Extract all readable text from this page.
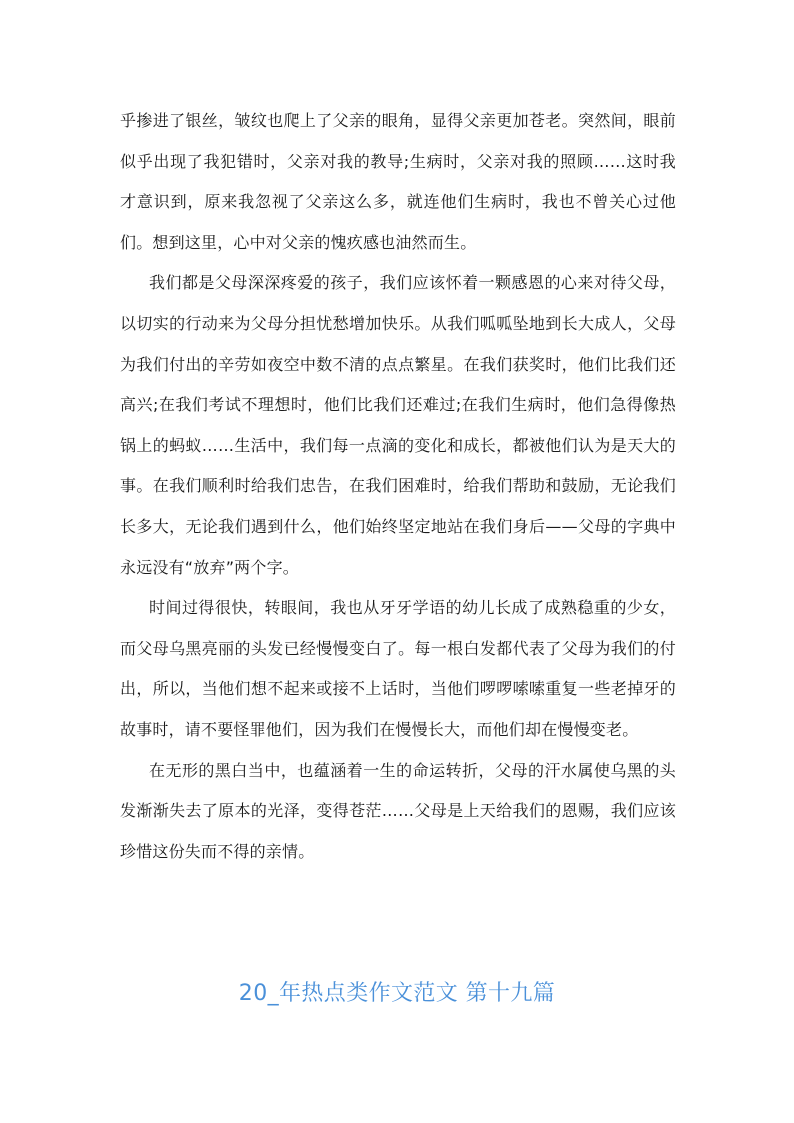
乎掺进了银丝，皱纹也爬上了父亲的眼角，显得父亲更加苍老。突然间，眼前似乎出现了我犯错时，父亲对我的教导;生病时，父亲对我的照顾……这时我才意识到，原来我忽视了父亲这么多，就连他们生病时，我也不曾关心过他们。想到这里，心中对父亲的愧疚感也油然而生。

我们都是父母深深疼爱的孩子，我们应该怀着一颗感恩的心来对待父母，以切实的行动来为父母分担忧愁增加快乐。从我们呱呱坠地到长大成人，父母为我们付出的辛劳如夜空中数不清的点点繁星。在我们获奖时，他们比我们还高兴;在我们考试不理想时，他们比我们还难过;在我们生病时，他们急得像热锅上的蚂蚁……生活中，我们每一点滴的变化和成长，都被他们认为是天大的事。在我们顺利时给我们忠告，在我们困难时，给我们帮助和鼓励，无论我们长多大，无论我们遇到什么，他们始终坚定地站在我们身后——父母的字典中永远没有“放弃”两个字。

时间过得很快，转眼间，我也从牙牙学语的幼儿长成了成熟稳重的少女，而父母乌黑亮丽的头发已经慢慢变白了。每一根白发都代表了父母为我们的付出，所以，当他们想不起来或接不上话时，当他们啰啰嗦嗦重复一些老掉牙的故事时，请不要怪罪他们，因为我们在慢慢长大，而他们却在慢慢变老。

在无形的黑白当中，也蕴涵着一生的命运转折，父母的汗水属使乌黑的头发渐渐失去了原本的光泽，变得苍茫……父母是上天给我们的恩赐，我们应该珍惜这份失而不得的亲情。

20_年热点类作文范文 第十九篇
